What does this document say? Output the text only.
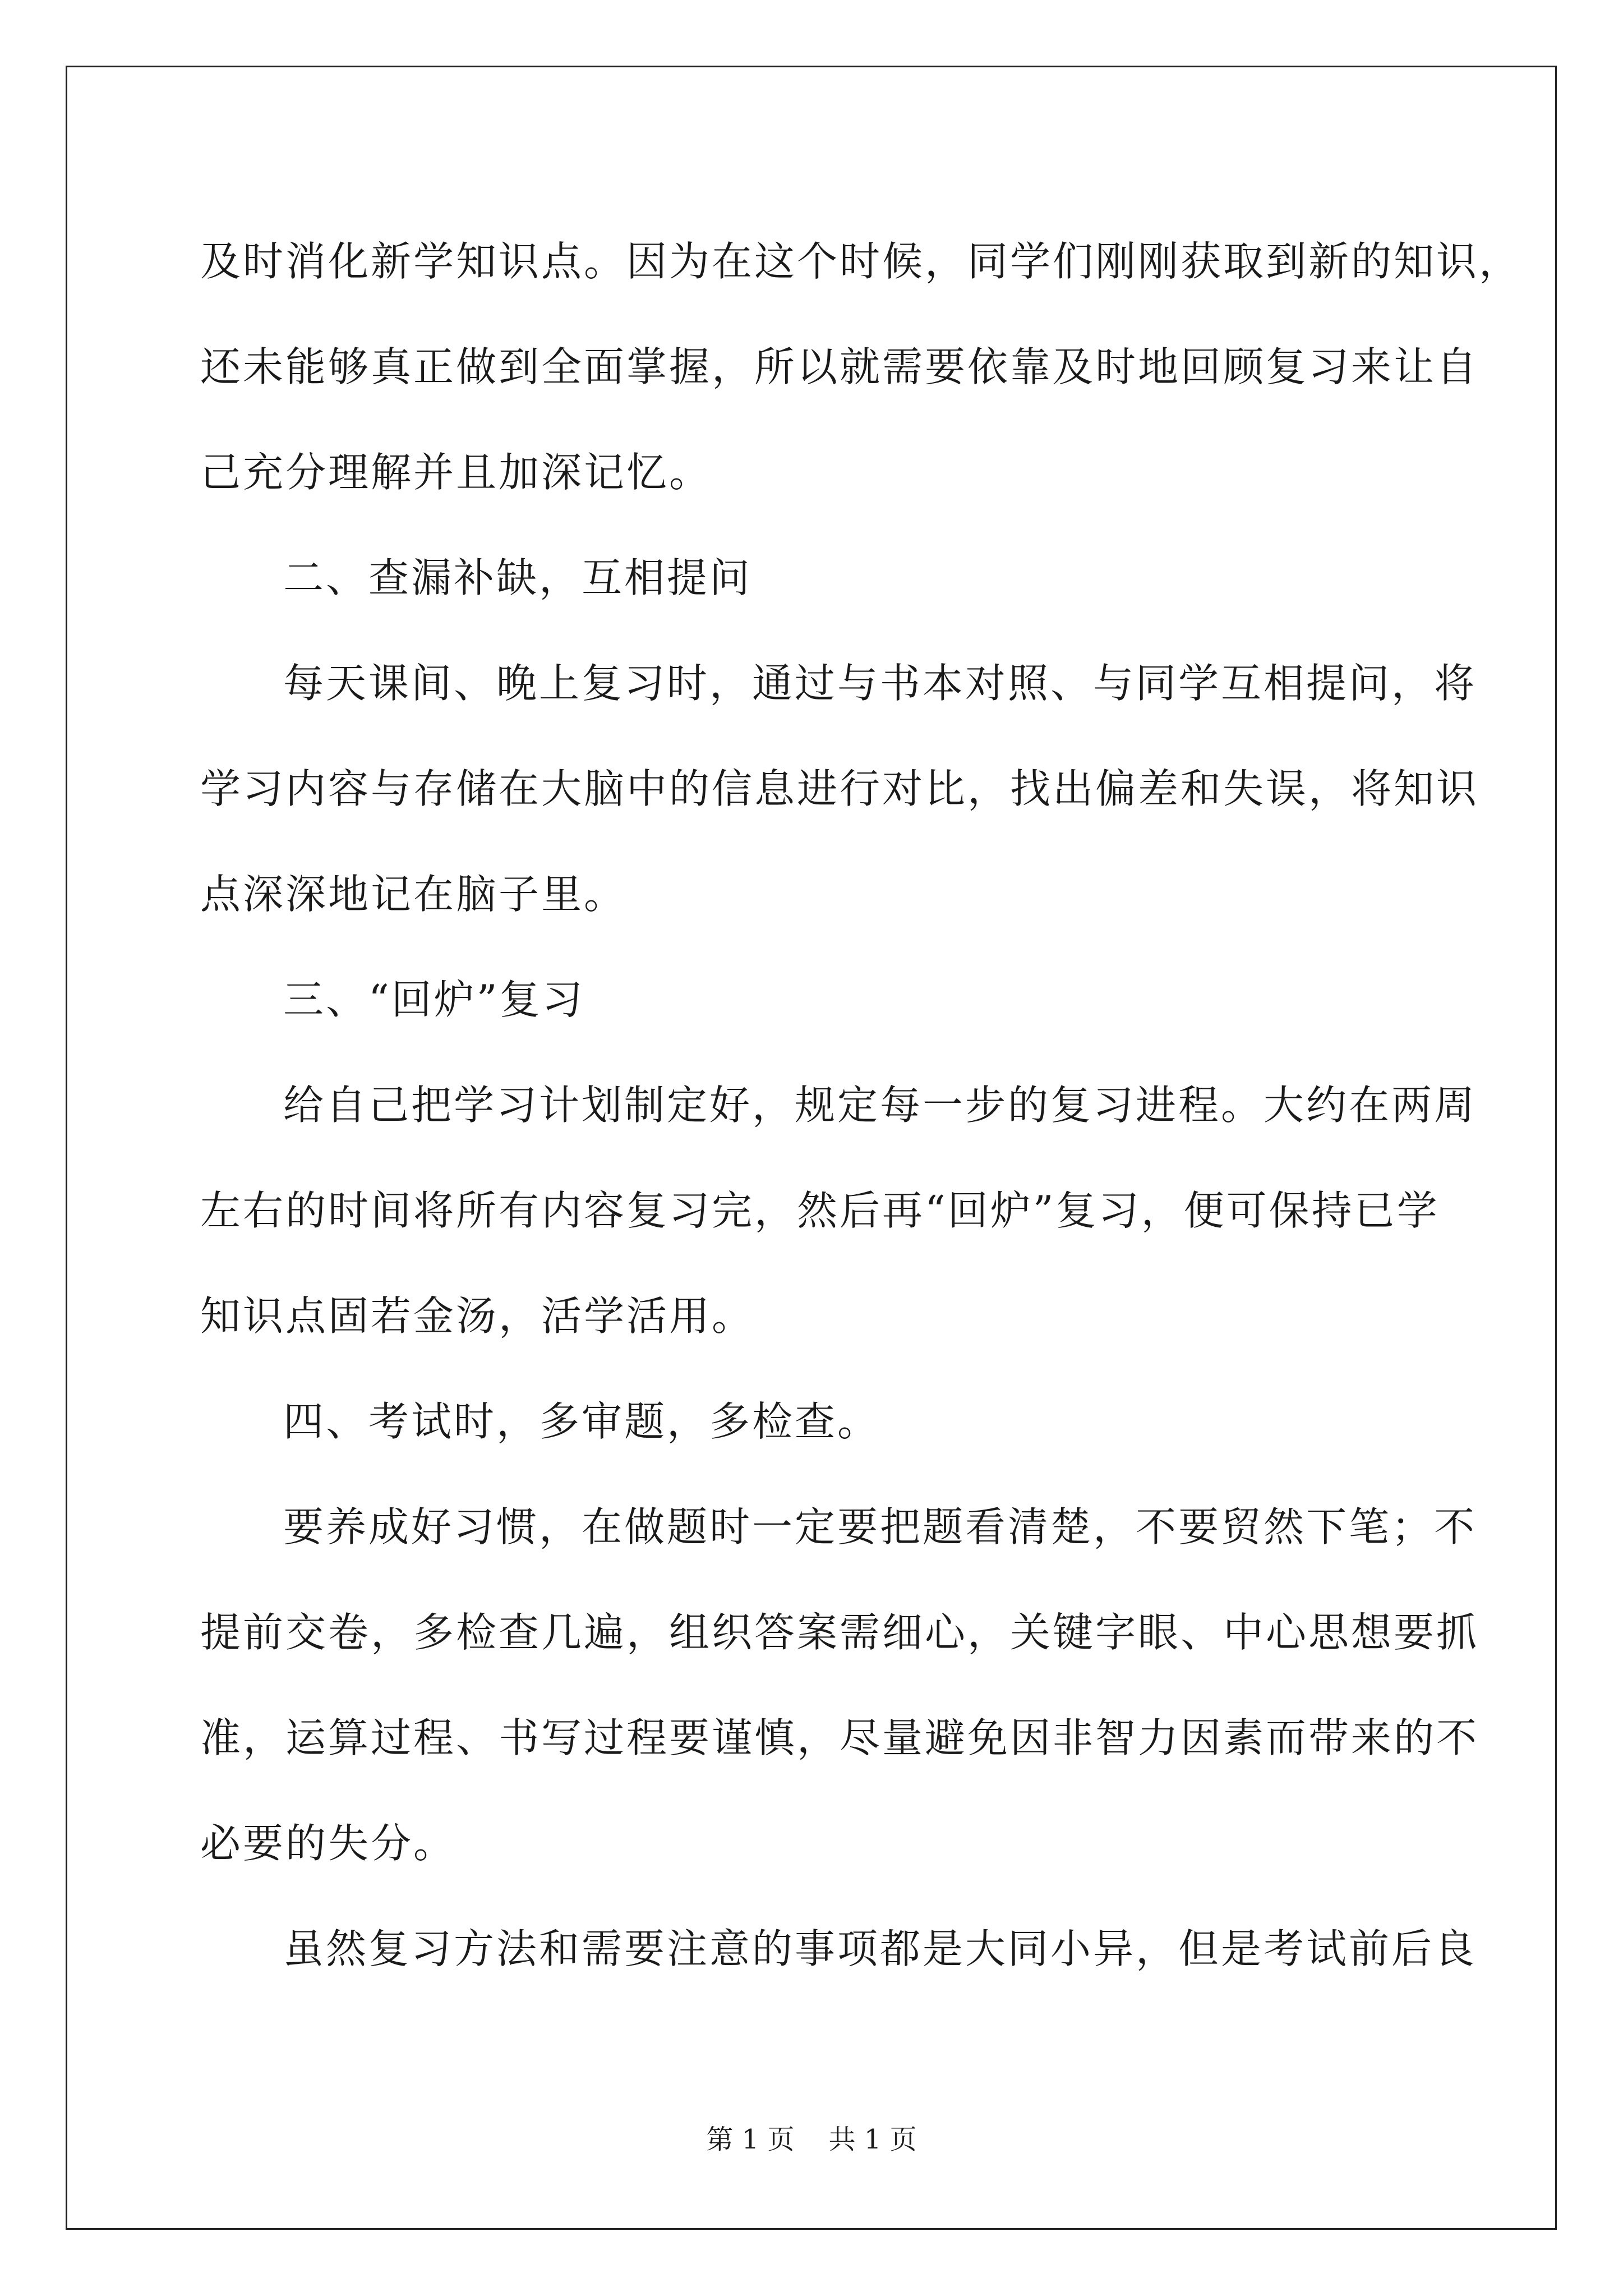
及时消化新学知识点。因为在这个时候，同学们刚刚获取到新的知识，
还未能够真正做到全面掌握，所以就需要依靠及时地回顾复习来让自
己充分理解并且加深记忆。

二、查漏补缺，互相提问

每天课间、晚上复习时，通过与书本对照、与同学互相提问，将
学习内容与存储在大脑中的信息进行对比，找出偏差和失误，将知识
点深深地记在脑子里。

三、“回炉”复习

给自己把学习计划制定好，规定每一步的复习进程。大约在两周
左右的时间将所有内容复习完，然后再“回炉”复习，便可保持已学
知识点固若金汤，活学活用。

四、考试时，多审题，多检查。

要养成好习惯，在做题时一定要把题看清楚，不要贸然下笔；不
提前交卷，多检查几遍，组织答案需细心，关键字眼、中心思想要抓
准，运算过程、书写过程要谨慎，尽量避免因非智力因素而带来的不
必要的失分。

虽然复习方法和需要注意的事项都是大同小异，但是考试前后良

第 1 页    共 1 页
